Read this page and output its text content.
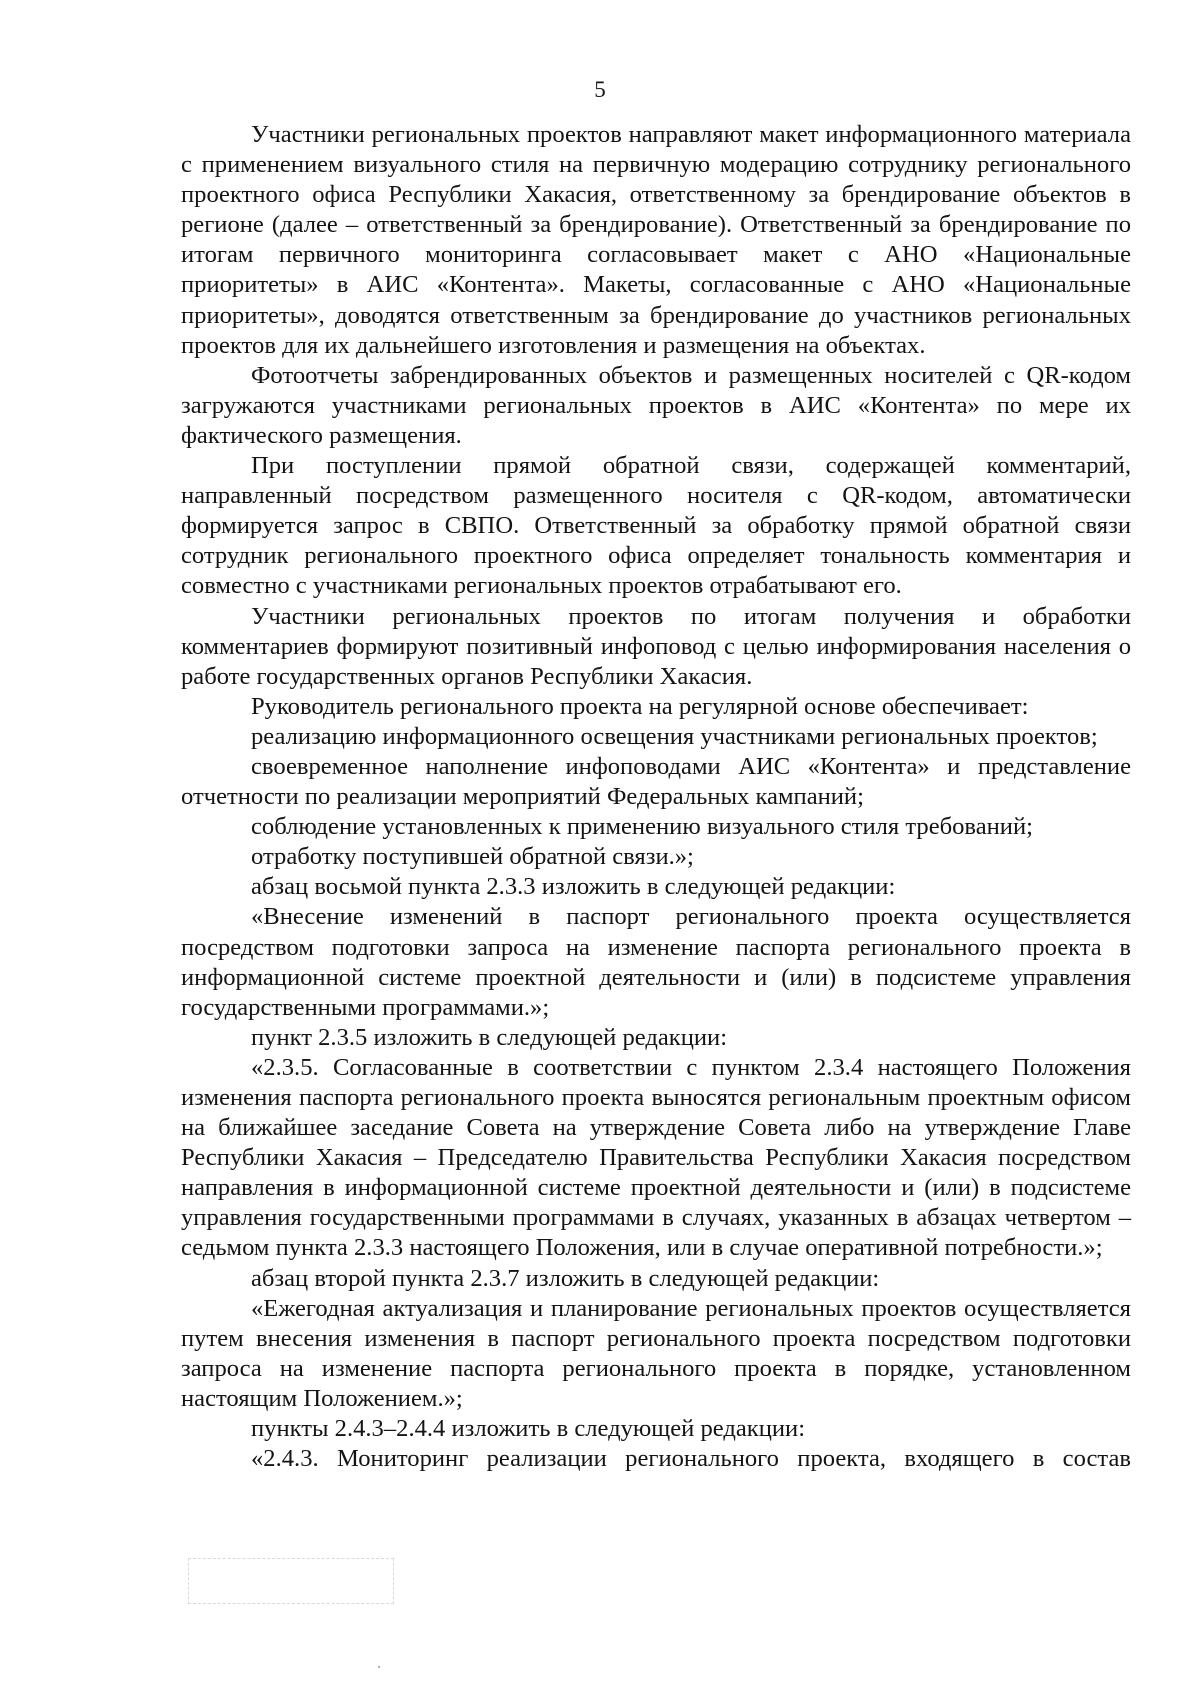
5

Участники региональных проектов направляют макет информационного материала с применением визуального стиля на первичную модерацию сотруднику регионального проектного офиса Республики Хакасия, ответственному за брендирование объектов в регионе (далее – ответственный за брендирование). Ответственный за брендирование по итогам первичного мониторинга согласовывает макет с АНО «Национальные приоритеты» в АИС «Контента». Макеты, согласованные с АНО «Национальные приоритеты», доводятся ответственным за брендирование до участников региональных проектов для их дальнейшего изготовления и размещения на объектах.

Фотоотчеты забрендированных объектов и размещенных носителей с QR-кодом загружаются участниками региональных проектов в АИС «Контента» по мере их фактического размещения.

При поступлении прямой обратной связи, содержащей комментарий, направленный посредством размещенного носителя с QR-кодом, автоматически формируется запрос в СВПО. Ответственный за обработку прямой обратной связи сотрудник регионального проектного офиса определяет тональность комментария и совместно с участниками региональных проектов отрабатывают его.

Участники региональных проектов по итогам получения и обработки комментариев формируют позитивный инфоповод с целью информирования населения о работе государственных органов Республики Хакасия.

Руководитель регионального проекта на регулярной основе обеспечивает:

реализацию информационного освещения участниками региональных проектов;

своевременное наполнение инфоповодами АИС «Контента» и представление отчетности по реализации мероприятий Федеральных кампаний;

соблюдение установленных к применению визуального стиля требований;

отработку поступившей обратной связи.»;

абзац восьмой пункта 2.3.3 изложить в следующей редакции:

«Внесение изменений в паспорт регионального проекта осуществляется посредством подготовки запроса на изменение паспорта регионального проекта в информационной системе проектной деятельности и (или) в подсистеме управления государственными программами.»;

пункт 2.3.5 изложить в следующей редакции:

«2.3.5. Согласованные в соответствии с пунктом 2.3.4 настоящего Положения изменения паспорта регионального проекта выносятся региональным проектным офисом на ближайшее заседание Совета на утверждение Совета либо на утверждение Главе Республики Хакасия – Председателю Правительства Республики Хакасия посредством направления в информационной системе проектной деятельности и (или) в подсистеме управления государственными программами в случаях, указанных в абзацах четвертом – седьмом пункта 2.3.3 настоящего Положения, или в случае оперативной потребности.»;

абзац второй пункта 2.3.7 изложить в следующей редакции:

«Ежегодная актуализация и планирование региональных проектов осуществляется путем внесения изменения в паспорт регионального проекта посредством подготовки запроса на изменение паспорта регионального проекта в порядке, установленном настоящим Положением.»;

пункты 2.4.3–2.4.4 изложить в следующей редакции:

«2.4.3. Мониторинг реализации регионального проекта, входящего в состав
